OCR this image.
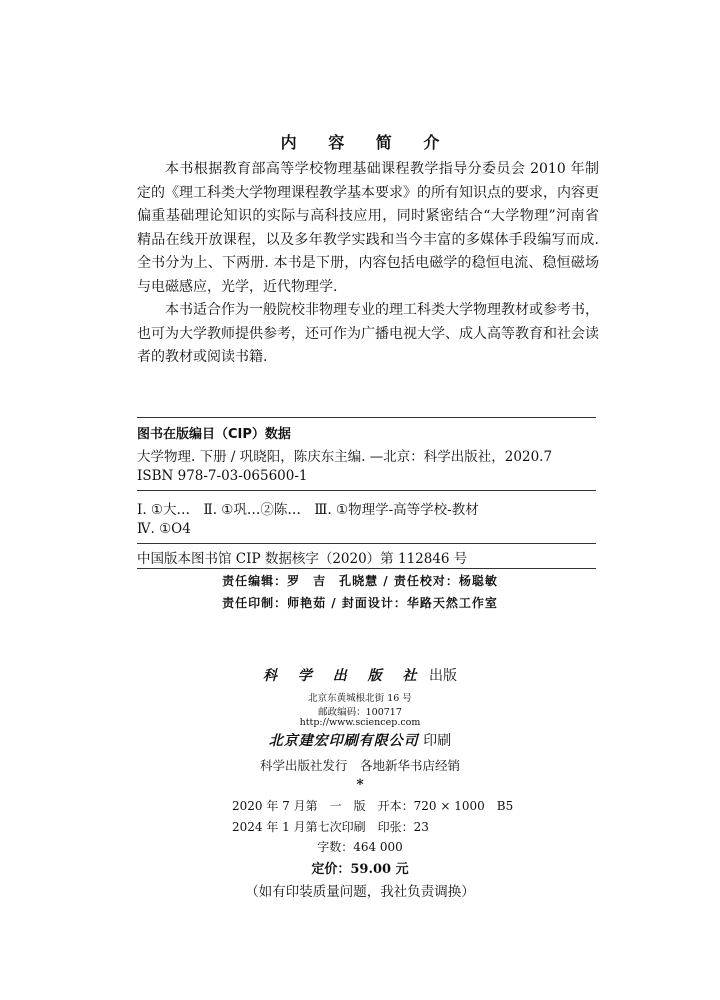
内 容 简 介

本书根据教育部高等学校物理基础课程教学指导分委员会 2010 年制定的《理工科类大学物理课程教学基本要求》的所有知识点的要求，内容更偏重基础理论知识的实际与高科技应用，同时紧密结合“大学物理”河南省精品在线开放课程，以及多年教学实践和当今丰富的多媒体手段编写而成. 全书分为上、下两册. 本书是下册，内容包括电磁学的稳恒电流、稳恒磁场与电磁感应，光学，近代物理学.

本书适合作为一般院校非物理专业的理工科类大学物理教材或参考书，也可为大学教师提供参考，还可作为广播电视大学、成人高等教育和社会读者的教材或阅读书籍.

图书在版编目（CIP）数据
大学物理. 下册 / 巩晓阳，陈庆东主编. —北京：科学出版社，2020.7
ISBN 978-7-03-065600-1
Ⅰ. ①大…　Ⅱ. ①巩…②陈…　Ⅲ. ①物理学-高等学校-教材
Ⅳ. ①O4
中国版本图书馆 CIP 数据核字（2020）第 112846 号
责任编辑：罗　吉　孔晓慧 / 责任校对：杨聪敏
责任印制：师艳茹 / 封面设计：华路天然工作室
科 学 出 版 社 出版
北京东黄城根北街 16 号
邮政编码：100717
http://www.sciencep.com
北京建宏印刷有限公司 印刷
科学出版社发行　各地新华书店经销
*
2020 年 7 月第　一　版　开本：720 × 1000　B5
2024 年 1 月第七次印刷　印张：23
字数：464 000
定价：59.00 元
（如有印装质量问题，我社负责调换）
